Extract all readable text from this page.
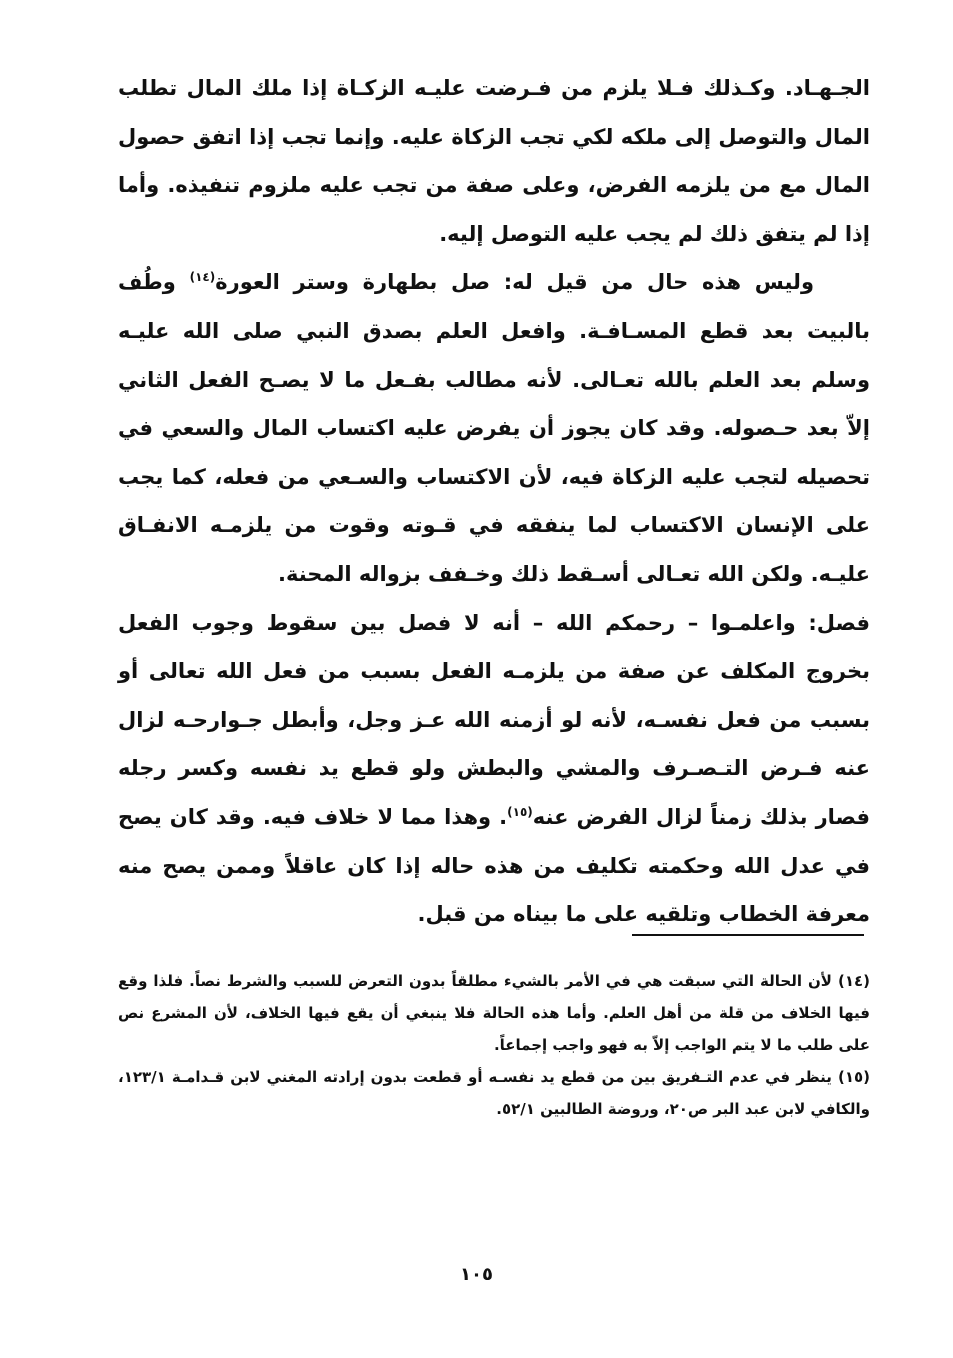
الجـهـاد. وكـذلك فـلا يلزم من فـرضت عليـه الزكـاة إذا ملك المال تطلب المال والتوصل إلى ملكه لكي تجب الزكاة عليه. وإنما تجب إذا اتفق حصول المال مع من يلزمه الفرض، وعلى صفة من تجب عليه ملزوم تنفيذه. وأما إذا لم يتفق ذلك لم يجب عليه التوصل إليه.

وليس هذه حال من قيل له: صل بطهارة وستر العورة$^{(١٤)}$ وطُف بالبيت بعد قطع المسـافـة. وافعل العلم بصدق النبي صلى الله عليـه وسلم بعد العلم بالله تعـالى. لأنه مطالب بفـعل ما لا يصـح الفعل الثاني إلاّ بعد حـصوله. وقد كان يجوز أن يفرض عليه اكتساب المال والسعي في تحصيله لتجب عليه الزكاة فيه، لأن الاكتساب والسـعي من فعله، كما يجب على الإنسان الاكتساب لما ينفقه في قـوته وقوت من يلزمـه الانفـاق عليـه. ولكن الله تعـالى أسـقط ذلك وخـفف بزواله المحنة.

فصل: واعلمـوا – رحمكم الله – أنه لا فصل بين سقوط وجوب الفعل بخروج المكلف عن صفة من يلزمـه الفعل بسبب من فعل الله تعالى أو بسبب من فعل نفسـه، لأنه لو أزمنه الله عـز وجل، وأبطل جـوارحـه لزال عنه فـرض التـصـرف والمشي والبطش ولو قطع يد نفسه وكسر رجله فصار بذلك زمناً لزال الفرض عنه$^{(١٥)}$. وهذا مما لا خلاف فيه. وقد كان يصح في عدل الله وحكمته تكليف من هذه حاله إذا كان عاقلاً وممن يصح منه معرفة الخطاب وتلقيه على ما بيناه من قبل.

(١٤) لأن الحالة التي سبقت هي في الأمر بالشيء مطلقاً بدون التعرض للسبب والشرط نصاً. فلذا وقع فيها الخلاف من قلة من أهل العلم. وأما هذه الحالة فلا ينبغي أن يقع فيها الخلاف، لأن المشرع نص على طلب ما لا يتم الواجب إلاّ به فهو واجب إجماعاً.

(١٥) ينظر في عدم التـفريق بين من قطع يد نفسـه أو قطعت بدون إرادته المغني لابن قـدامـة ١٢٣/١، والكافي لابن عبد البر ص٢٠، وروضة الطالبين ٥٢/١.

١٠٥
